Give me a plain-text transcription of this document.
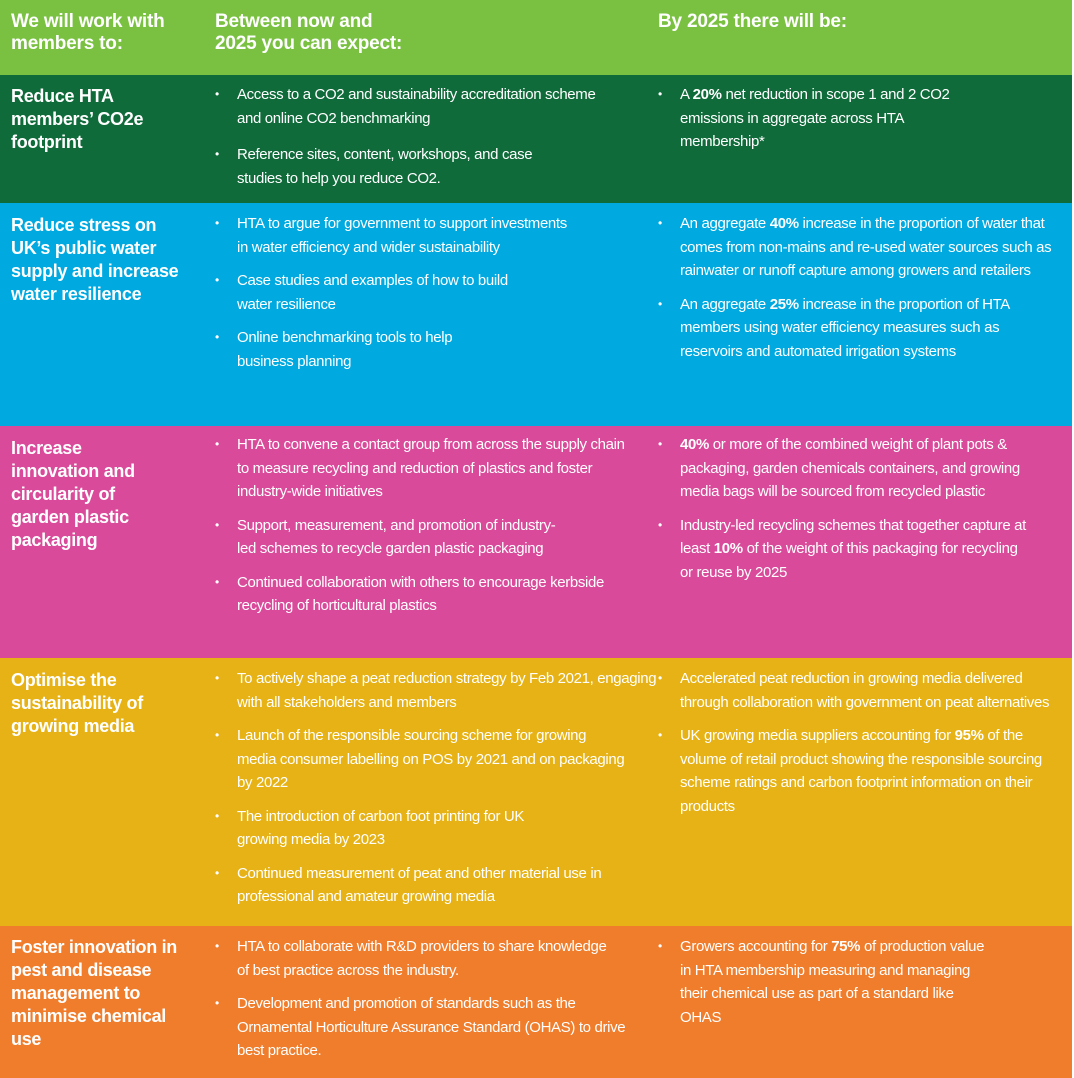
We will work with
members to:
Between now and
2025 you can expect:
By 2025 there will be:
Reduce HTA members’ CO2e footprint
• Access to a CO2 and sustainability accreditation scheme and online CO2 benchmarking
• Reference sites, content, workshops, and case studies to help you reduce CO2.
• A 20% net reduction in scope 1 and 2 CO2 emissions in aggregate across HTA membership*
Reduce stress on UK’s public water supply and increase water resilience
• HTA to argue for government to support investments in water efficiency and wider sustainability
• Case studies and examples of how to build water resilience
• Online benchmarking tools to help business planning
• An aggregate 40% increase in the proportion of water that comes from non-mains and re-used water sources such as rainwater or runoff capture among growers and retailers
• An aggregate 25% increase in the proportion of HTA members using water efficiency measures such as reservoirs and automated irrigation systems
Increase innovation and circularity of garden plastic packaging
• HTA to convene a contact group from across the supply chain to measure recycling and reduction of plastics and foster industry-wide initiatives
• Support, measurement, and promotion of industry-led schemes to recycle garden plastic packaging
• Continued collaboration with others to encourage kerbside recycling of horticultural plastics
• 40% or more of the combined weight of plant pots & packaging, garden chemicals containers, and growing media bags will be sourced from recycled plastic
• Industry-led recycling schemes that together capture at least 10% of the weight of this packaging for recycling or reuse by 2025
Optimise the sustainability of growing media
• To actively shape a peat reduction strategy by Feb 2021, engaging with all stakeholders and members
• Launch of the responsible sourcing scheme for growing media consumer labelling on POS by 2021 and on packaging by 2022
• The introduction of carbon foot printing for UK growing media by 2023
• Continued measurement of peat and other material use in professional and amateur growing media
• Accelerated peat reduction in growing media delivered through collaboration with government on peat alternatives
• UK growing media suppliers accounting for 95% of the volume of retail product showing the responsible sourcing scheme ratings and carbon footprint information on their products
Foster innovation in pest and disease management to minimise chemical use
• HTA to collaborate with R&D providers to share knowledge of best practice across the industry.
• Development and promotion of standards such as the Ornamental Horticulture Assurance Standard (OHAS) to drive best practice.
• Growers accounting for 75% of production value in HTA membership measuring and managing their chemical use as part of a standard like OHAS
